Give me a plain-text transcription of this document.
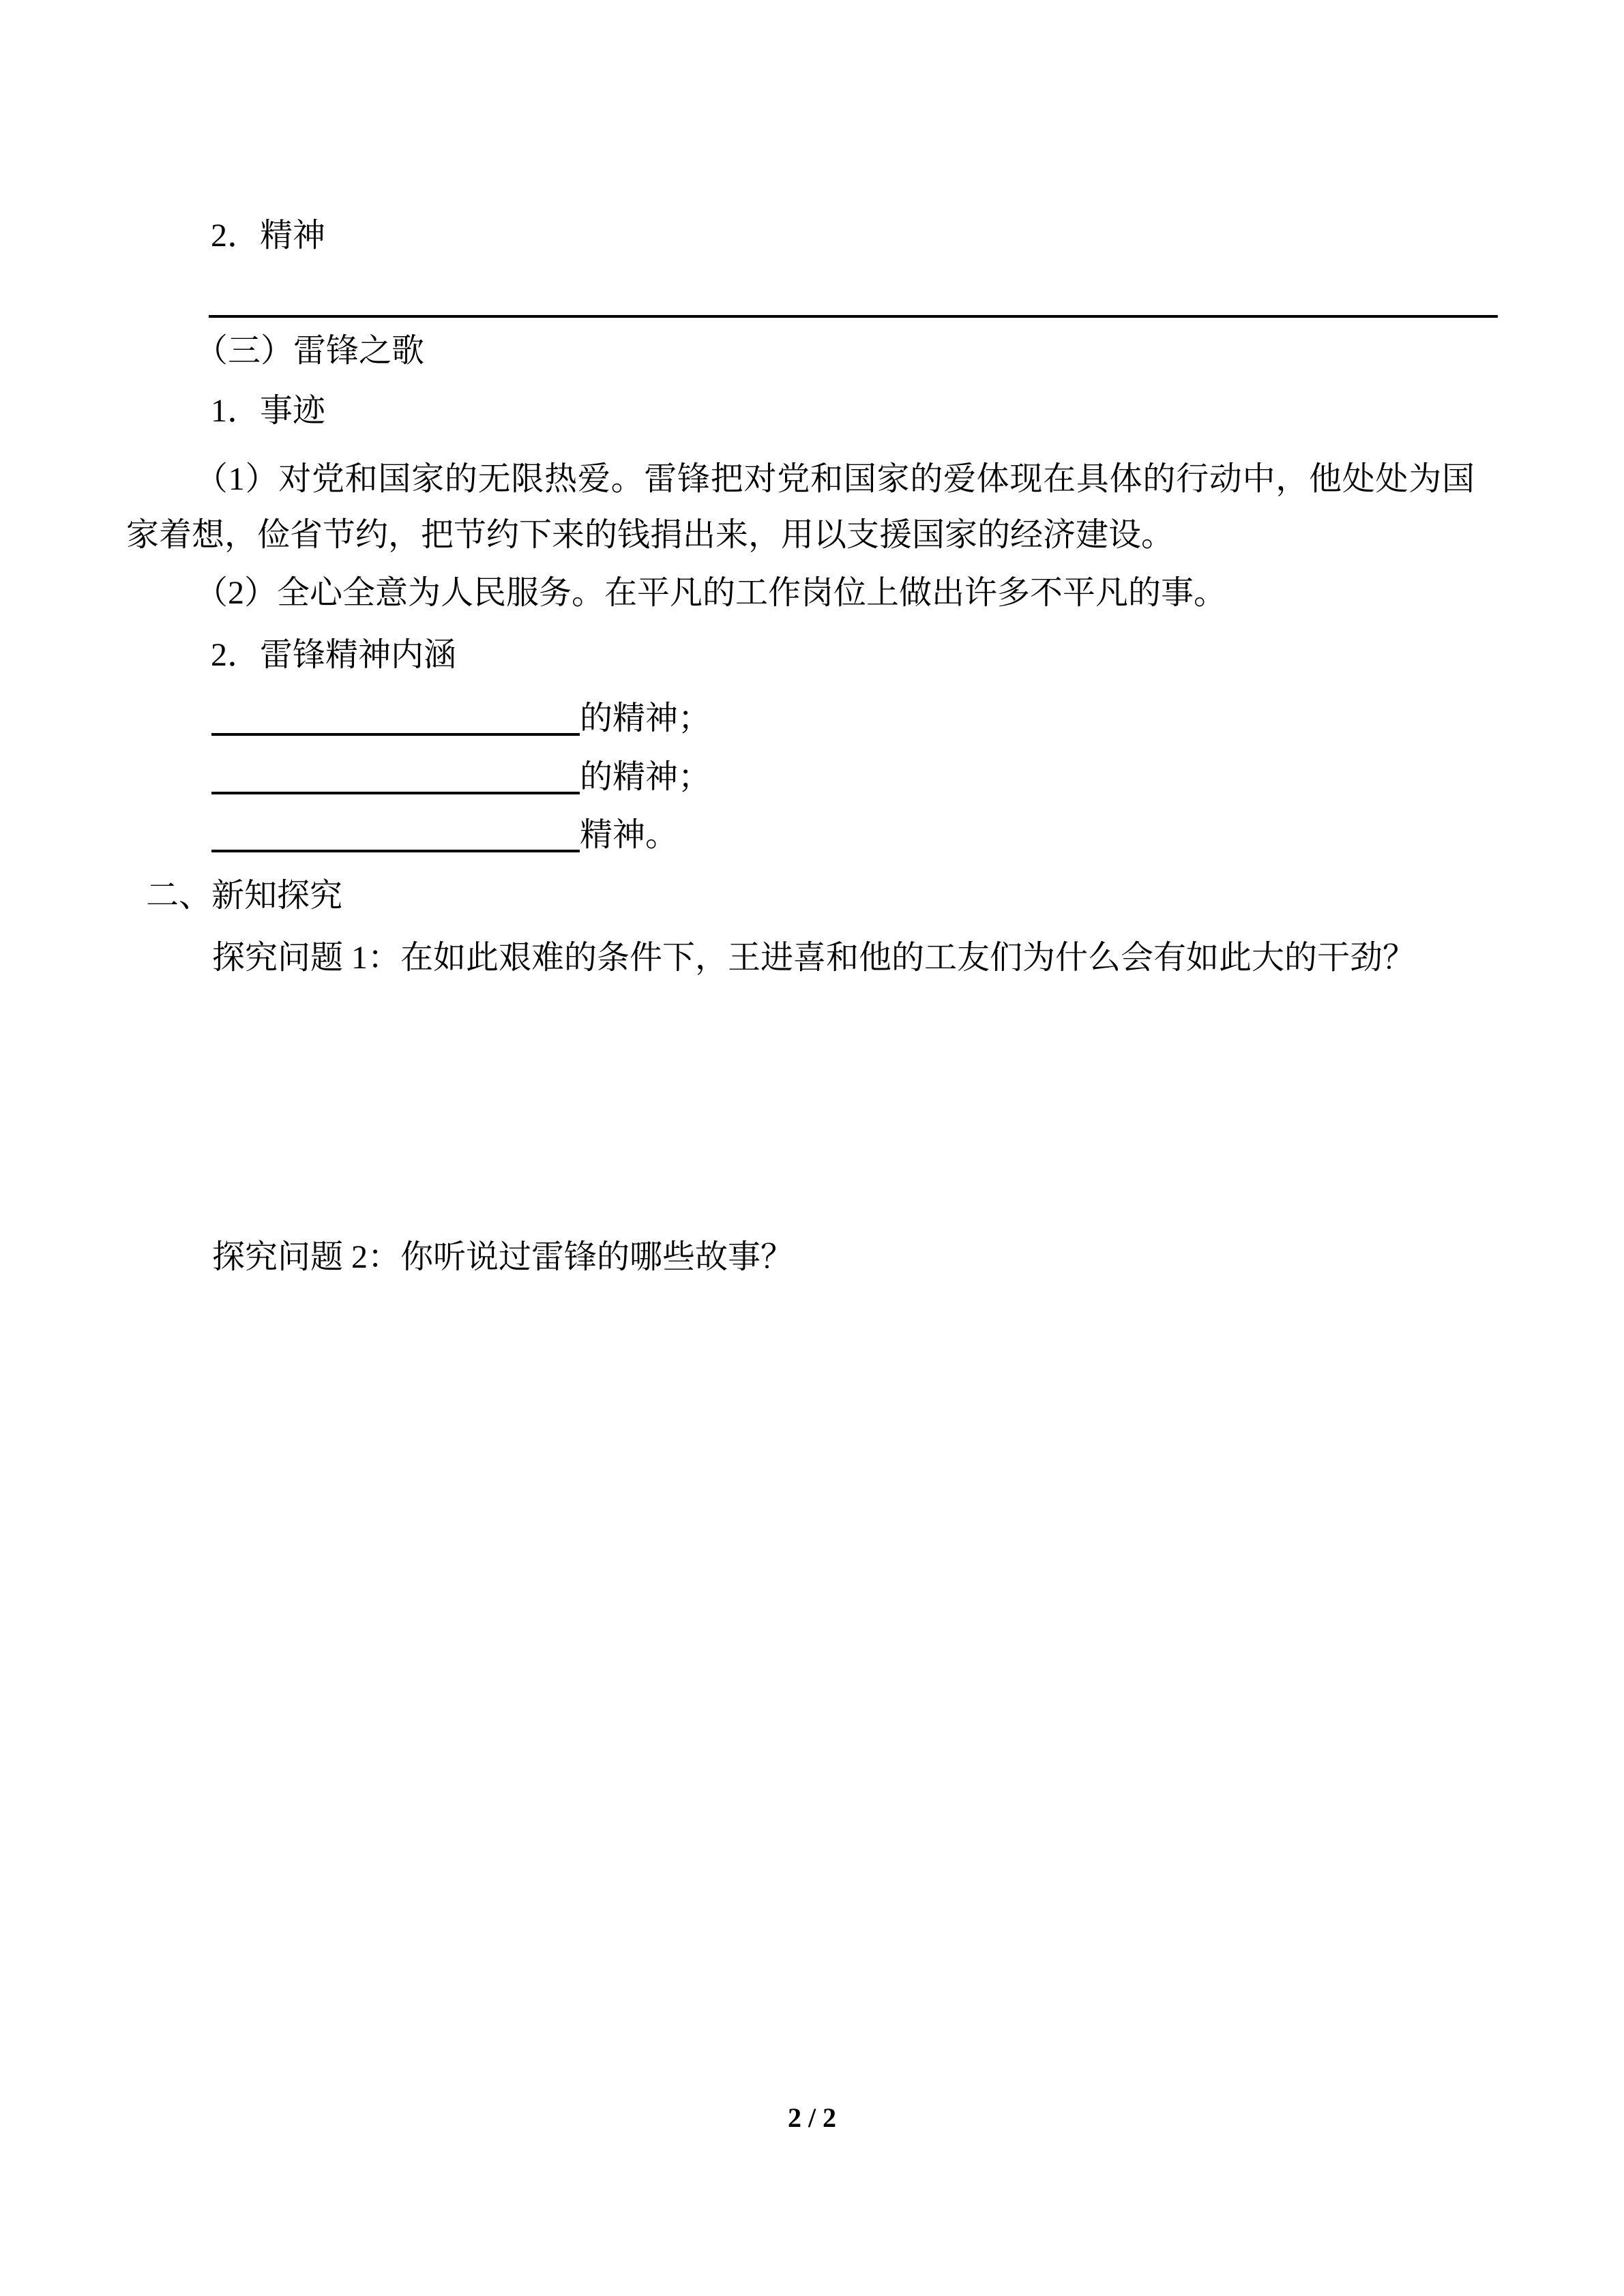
2．精神
（三）雷锋之歌
1．事迹
（1）对党和国家的无限热爱。雷锋把对党和国家的爱体现在具体的行动中，他处处为国
家着想，俭省节约，把节约下来的钱捐出来，用以支援国家的经济建设。
（2）全心全意为人民服务。在平凡的工作岗位上做出许多不平凡的事。
2．雷锋精神内涵
的精神；
的精神；
精神。
二、新知探究
探究问题 1：在如此艰难的条件下，王进喜和他的工友们为什么会有如此大的干劲？
探究问题 2：你听说过雷锋的哪些故事？
2 / 2
